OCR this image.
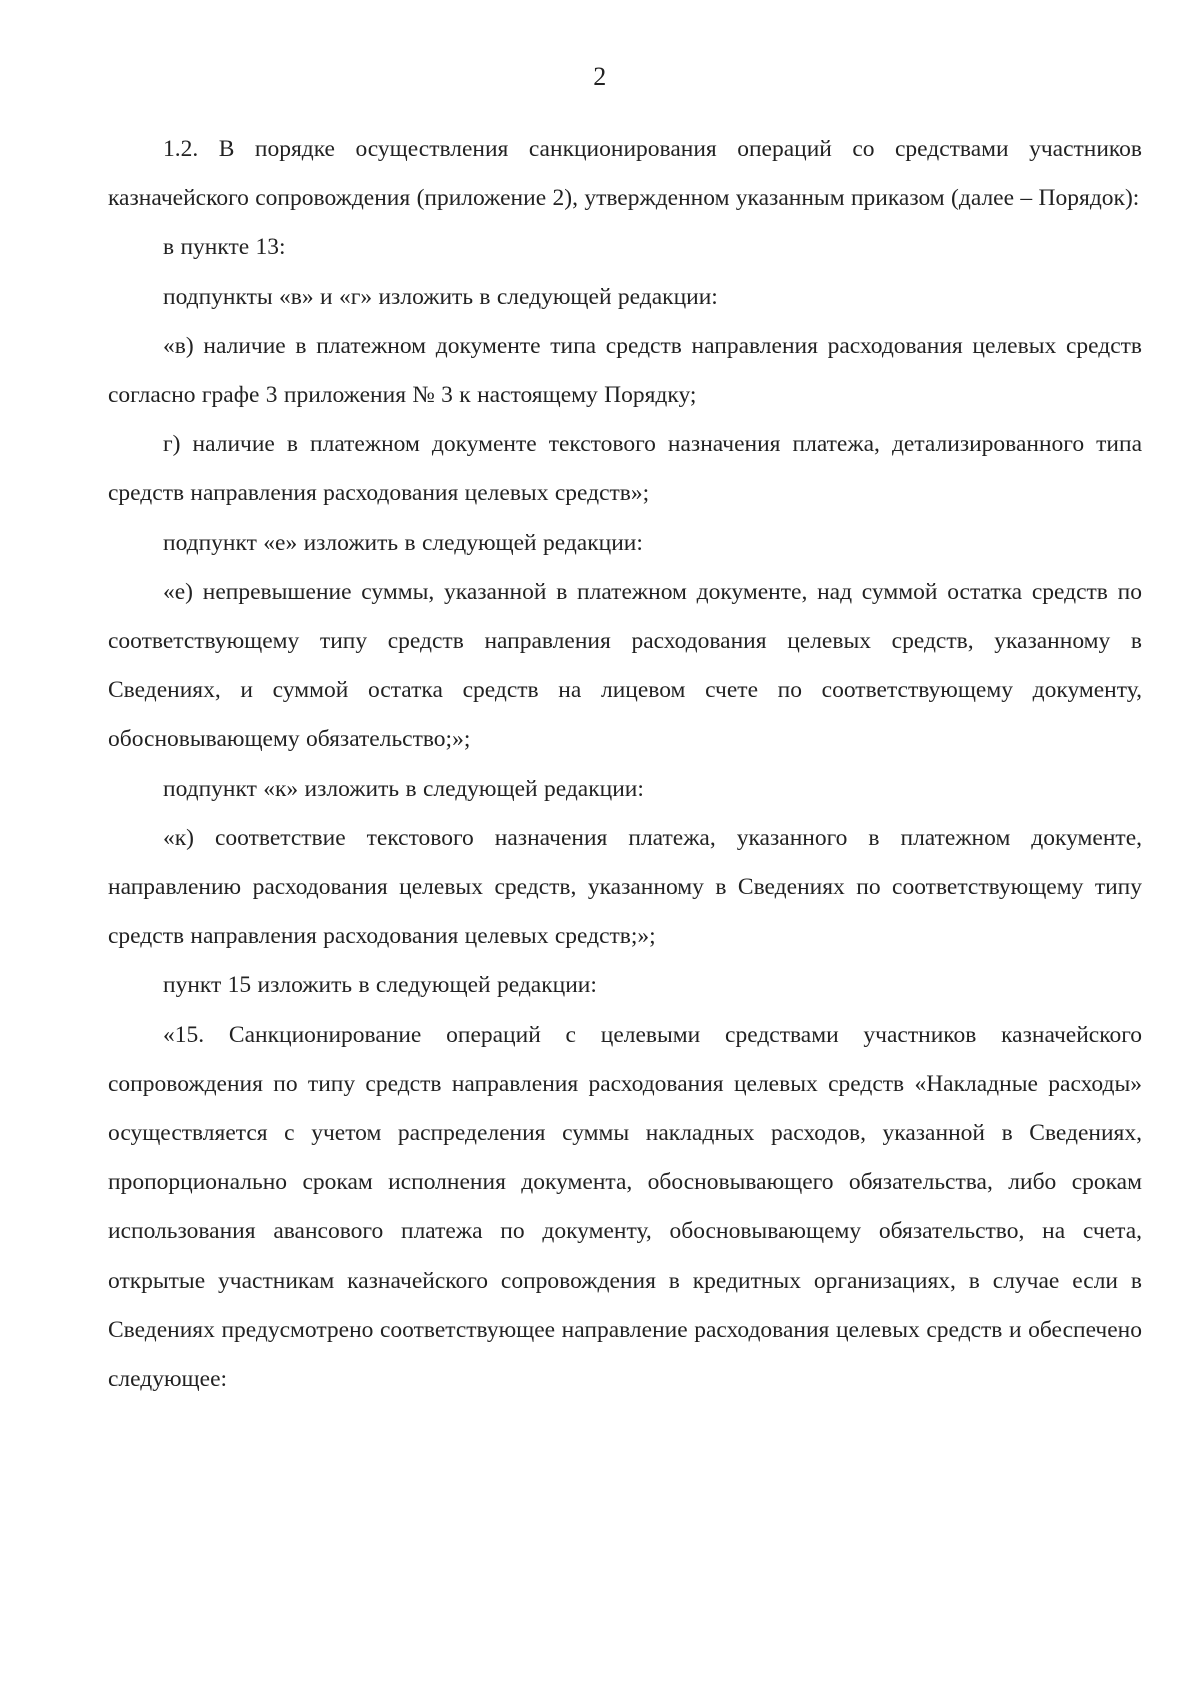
2

1.2. В порядке осуществления санкционирования операций со средствами участников казначейского сопровождения (приложение 2), утвержденном указанным приказом (далее – Порядок):

в пункте 13:

подпункты «в» и «г» изложить в следующей редакции:

«в) наличие в платежном документе типа средств направления расходования целевых средств согласно графе 3 приложения № 3 к настоящему Порядку;

г) наличие в платежном документе текстового назначения платежа, детализированного типа средств направления расходования целевых средств»;

подпункт «е» изложить в следующей редакции:

«е) непревышение суммы, указанной в платежном документе, над суммой остатка средств по соответствующему типу средств направления расходования целевых средств, указанному в Сведениях, и суммой остатка средств на лицевом счете по соответствующему документу, обосновывающему обязательство;»;

подпункт «к» изложить в следующей редакции:

«к) соответствие текстового назначения платежа, указанного в платежном документе, направлению расходования целевых средств, указанному в Сведениях по соответствующему типу средств направления расходования целевых средств;»;

пункт 15 изложить в следующей редакции:

«15. Санкционирование операций с целевыми средствами участников казначейского сопровождения по типу средств направления расходования целевых средств «Накладные расходы» осуществляется с учетом распределения суммы накладных расходов, указанной в Сведениях, пропорционально срокам исполнения документа, обосновывающего обязательства, либо срокам использования авансового платежа по документу, обосновывающему обязательство, на счета, открытые участникам казначейского сопровождения в кредитных организациях, в случае если в Сведениях предусмотрено соответствующее направление расходования целевых средств и обеспечено следующее:
